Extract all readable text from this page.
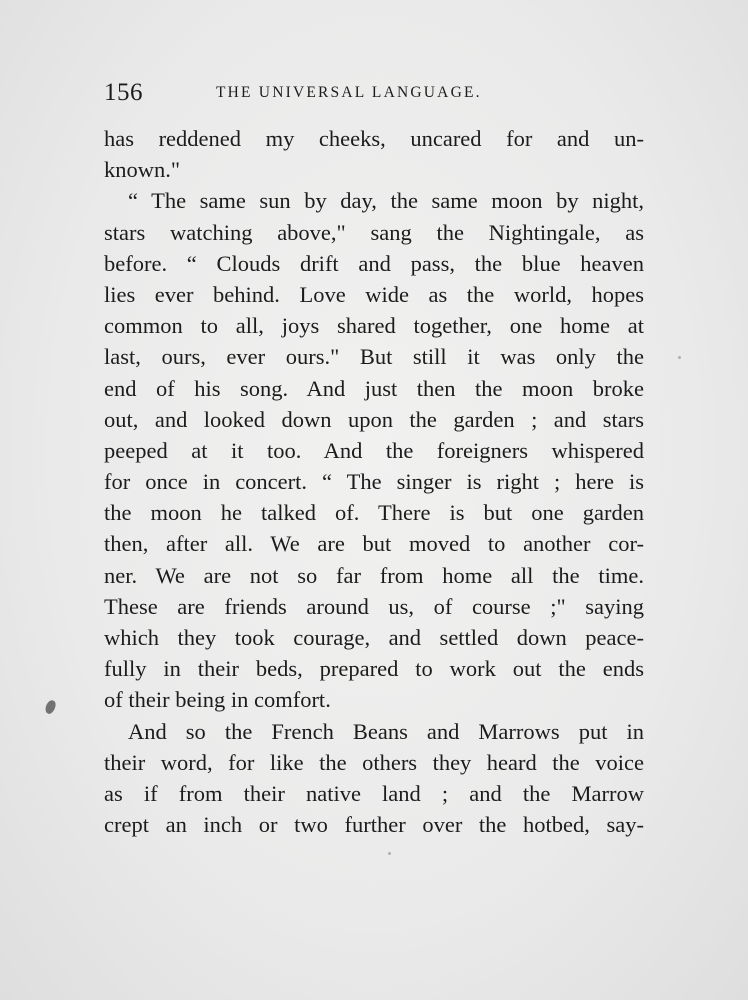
156	THE UNIVERSAL LANGUAGE.
has reddened my cheeks, uncared for and un-
known."
“ The same sun by day, the same moon by night,
stars watching above," sang the Nightingale, as
before. “ Clouds drift and pass, the blue heaven
lies ever behind. Love wide as the world, hopes
common to all, joys shared together, one home at
last, ours, ever ours." But still it was only the
end of his song. And just then the moon broke
out, and looked down upon the garden ; and stars
peeped at it too. And the foreigners whispered
for once in concert. “ The singer is right ; here is
the moon he talked of. There is but one garden
then, after all. We are but moved to another cor-
ner. We are not so far from home all the time.
These are friends around us, of course ;" saying
which they took courage, and settled down peace-
fully in their beds, prepared to work out the ends
of their being in comfort.
And so the French Beans and Marrows put in
their word, for like the others they heard the voice
as if from their native land ; and the Marrow
crept an inch or two further over the hotbed, say-
